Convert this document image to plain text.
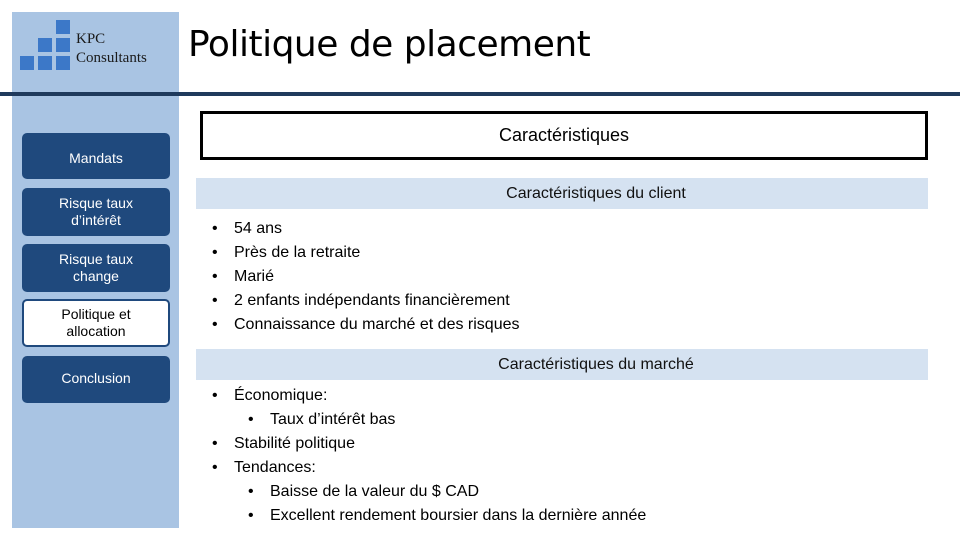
KPC
Consultants Politique de placement
Mandats
Risque taux
d’intérêt
Risque taux
change
Politique et
allocation
Conclusion
Caractéristiques
Caractéristiques du client
• 54 ans
• Près de la retraite
• Marié
• 2 enfants indépendants financièrement
• Connaissance du marché et des risques
Caractéristiques du marché
• Économique:
• Taux d’intérêt bas
• Stabilité politique
• Tendances:
• Baisse de la valeur du $ CAD
• Excellent rendement boursier dans la dernière année
